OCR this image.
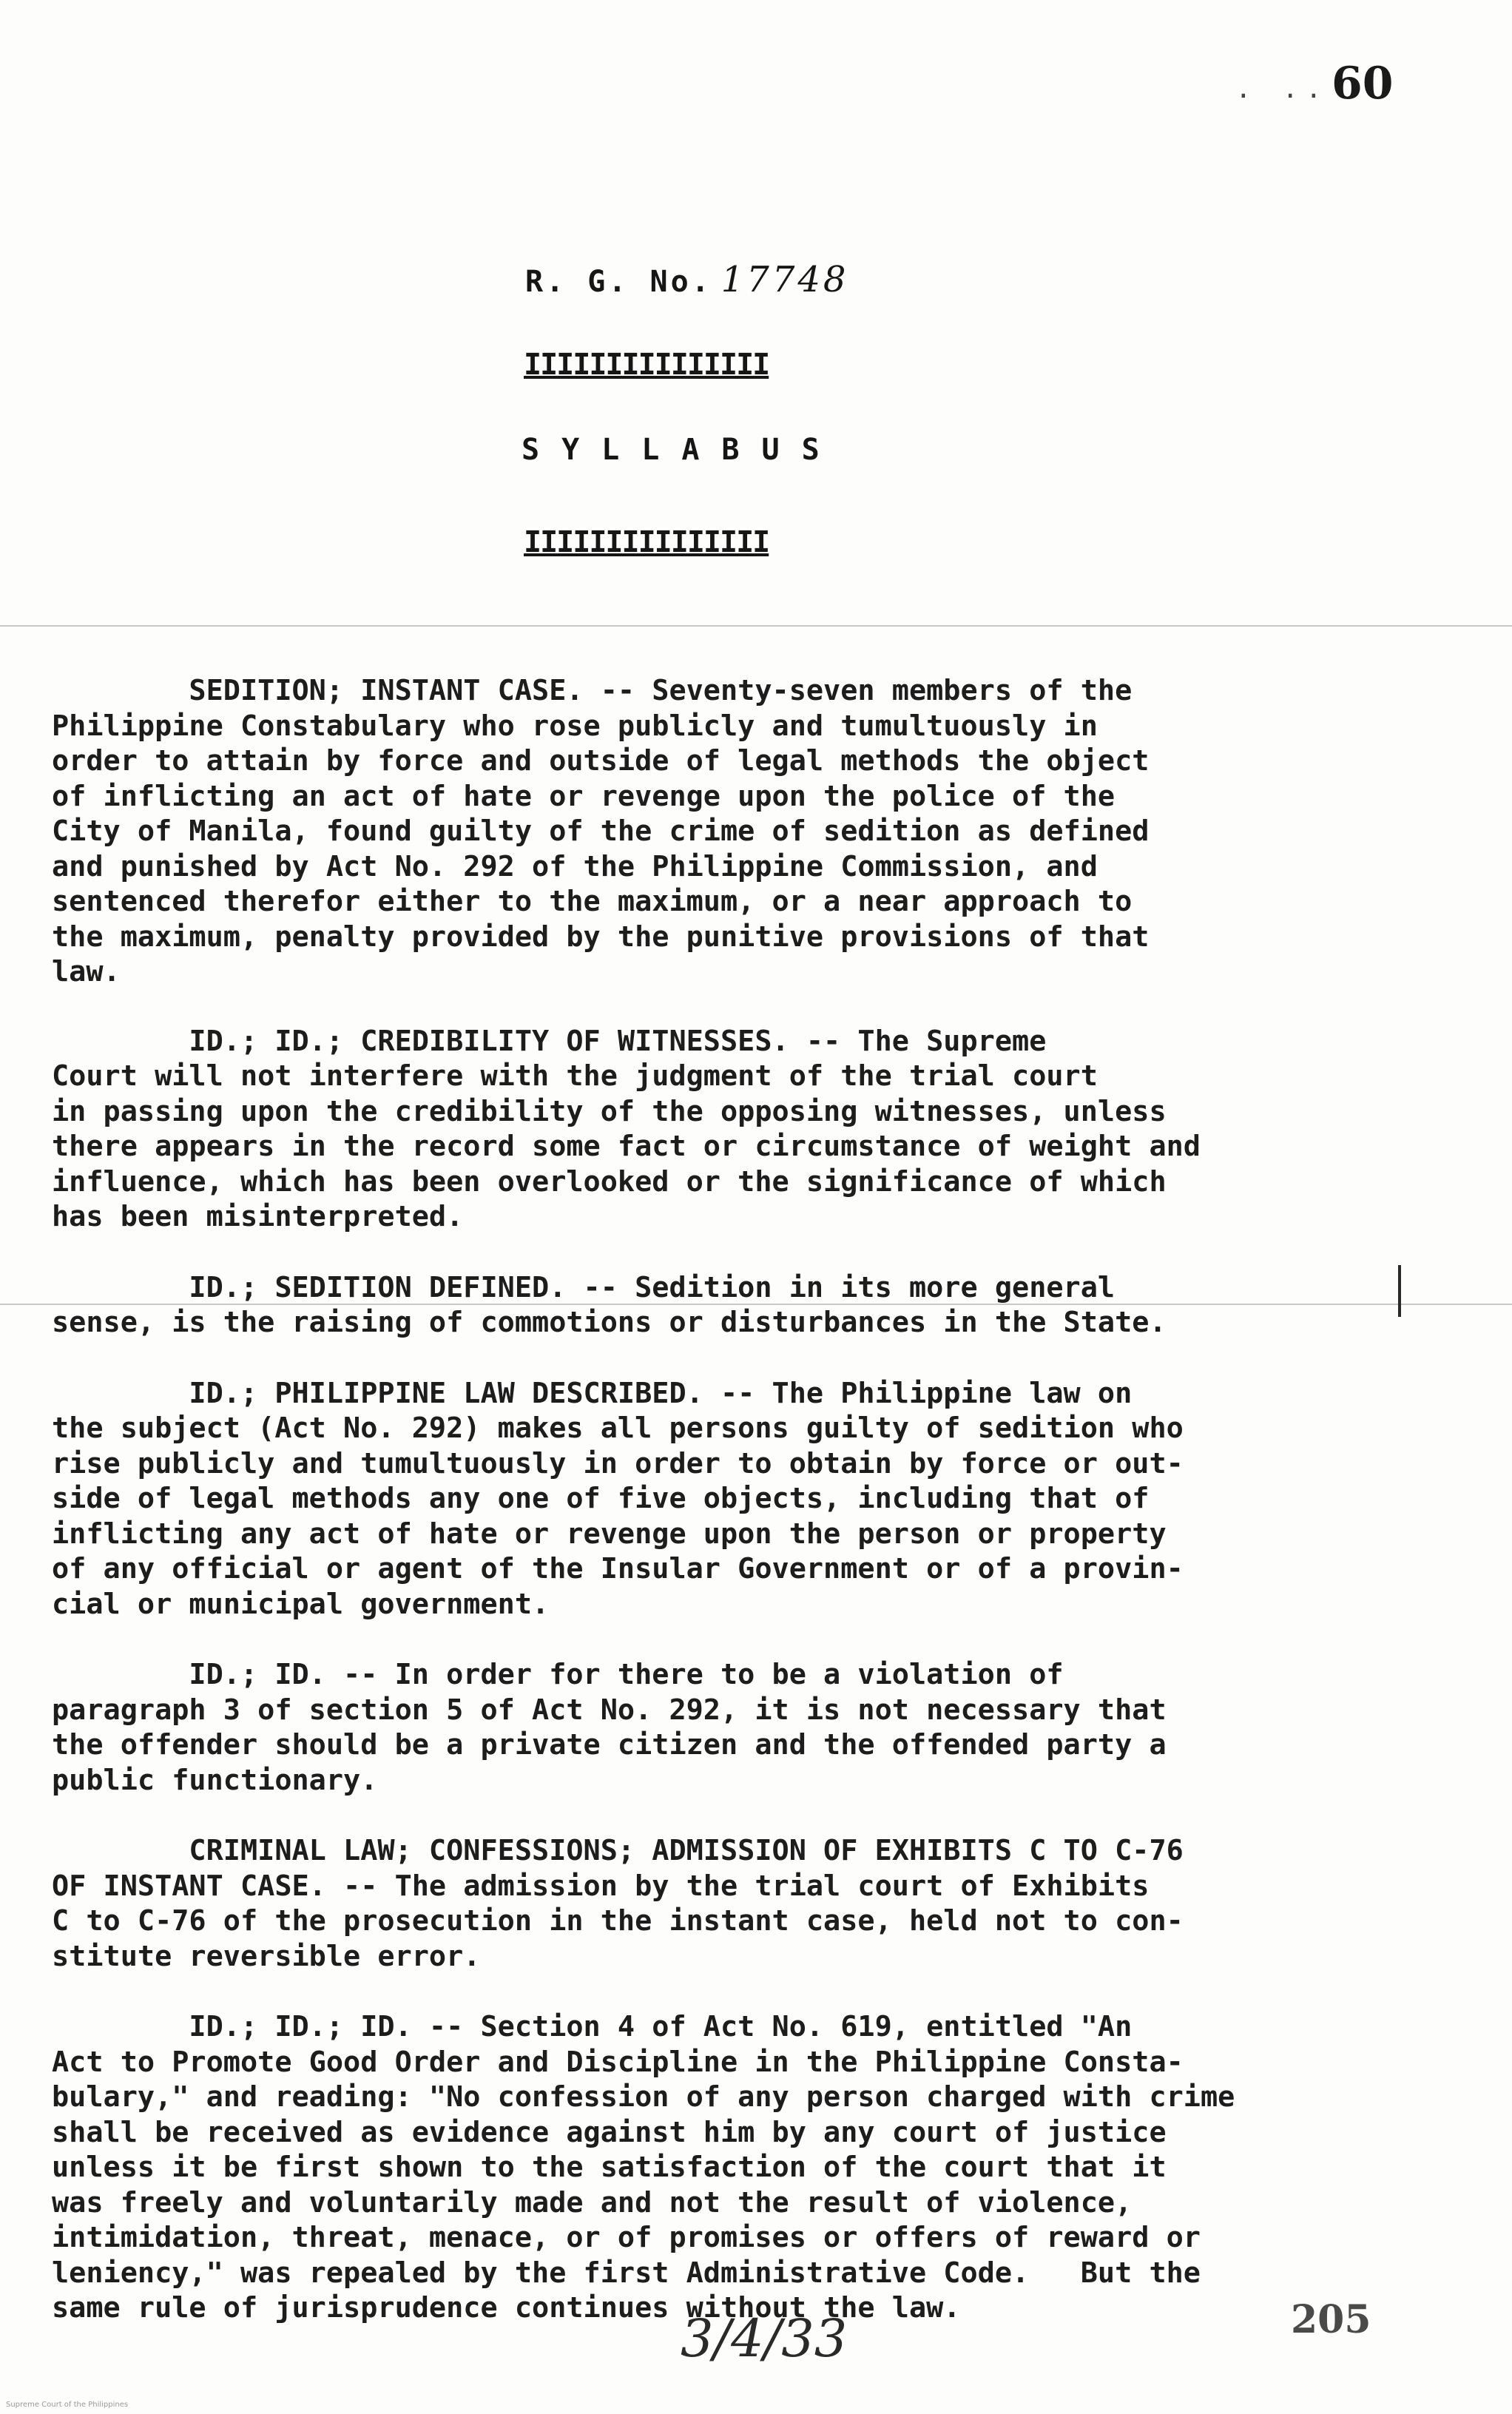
. .. 60
R. G. No. 17748
IIIIIIIIIIIIIII
SYLLABUS
IIIIIIIIIIIIIII
SEDITION; INSTANT CASE. -- Seventy-seven members of the
Philippine Constabulary who rose publicly and tumultuously in
order to attain by force and outside of legal methods the object
of inflicting an act of hate or revenge upon the police of the
City of Manila, found guilty of the crime of sedition as defined
and punished by Act No. 292 of the Philippine Commission, and
sentenced therefor either to the maximum, or a near approach to
the maximum, penalty provided by the punitive provisions of that
law.
ID.; ID.; CREDIBILITY OF WITNESSES. -- The Supreme
Court will not interfere with the judgment of the trial court
in passing upon the credibility of the opposing witnesses, unless
there appears in the record some fact or circumstance of weight and
influence, which has been overlooked or the significance of which
has been misinterpreted.
ID.; SEDITION DEFINED. -- Sedition in its more general
sense, is the raising of commotions or disturbances in the State.
ID.; PHILIPPINE LAW DESCRIBED. -- The Philippine law on
the subject (Act No. 292) makes all persons guilty of sedition who
rise publicly and tumultuously in order to obtain by force or out-
side of legal methods any one of five objects, including that of
inflicting any act of hate or revenge upon the person or property
of any official or agent of the Insular Government or of a provin-
cial or municipal government.
ID.; ID. -- In order for there to be a violation of
paragraph 3 of section 5 of Act No. 292, it is not necessary that
the offender should be a private citizen and the offended party a
public functionary.
CRIMINAL LAW; CONFESSIONS; ADMISSION OF EXHIBITS C TO C-76
OF INSTANT CASE. -- The admission by the trial court of Exhibits
C to C-76 of the prosecution in the instant case, held not to con-
stitute reversible error.
ID.; ID.; ID. -- Section 4 of Act No. 619, entitled "An
Act to Promote Good Order and Discipline in the Philippine Consta-
bulary," and reading: "No confession of any person charged with crime
shall be received as evidence against him by any court of justice
unless it be first shown to the satisfaction of the court that it
was freely and voluntarily made and not the result of violence,
intimidation, threat, menace, or of promises or offers of reward or
leniency," was repealed by the first Administrative Code.   But the
same rule of jurisprudence continues without the law.
3/4/33	205
Supreme Court of the Philippines
